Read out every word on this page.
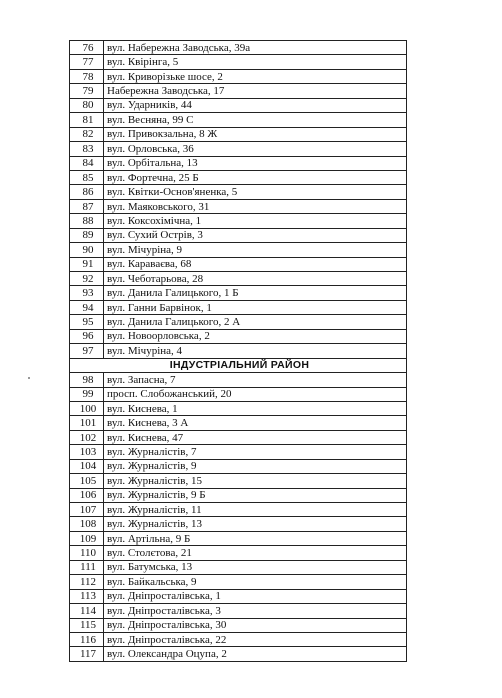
76	вул. Набережна Заводська, 39а
77	вул. Квірінга, 5
78	вул. Криворізьке шосе, 2
79	Набережна Заводська, 17
80	вул. Ударників, 44
81	вул. Весняна, 99 С
82	вул. Привокзальна, 8 Ж
83	вул. Орловська, 36
84	вул. Орбітальна, 13
85	вул. Фортечна, 25 Б
86	вул. Квітки-Основ'яненка, 5
87	вул. Маяковського, 31
88	вул. Коксохімічна, 1
89	вул. Сухий Острів, 3
90	вул. Мічуріна, 9
91	вул. Караваєва, 68
92	вул. Чеботарьова, 28
93	вул. Данила Галицького, 1 Б
94	вул. Ганни Барвінок, 1
95	вул. Данила Галицького, 2 А
96	вул. Новоорловська, 2
97	вул. Мічуріна, 4
ІНДУСТРІАЛЬНИЙ РАЙОН	
98	вул. Запасна, 7
99	просп. Слобожанський, 20
100	вул. Киснева, 1
101	вул. Киснева, 3 А
102	вул. Киснева, 47
103	вул. Журналістів, 7
104	вул. Журналістів, 9
105	вул. Журналістів, 15
106	вул. Журналістів, 9 Б
107	вул. Журналістів, 11
108	вул. Журналістів, 13
109	вул. Артільна, 9 Б
110	вул. Столєтова, 21
111	вул. Батумська, 13
112	вул. Байкальська, 9
113	вул. Дніпросталівська, 1
114	вул. Дніпросталівська, 3
115	вул. Дніпросталівська, 30
116	вул. Дніпросталівська, 22
117	вул. Олександра Оцупа, 2
